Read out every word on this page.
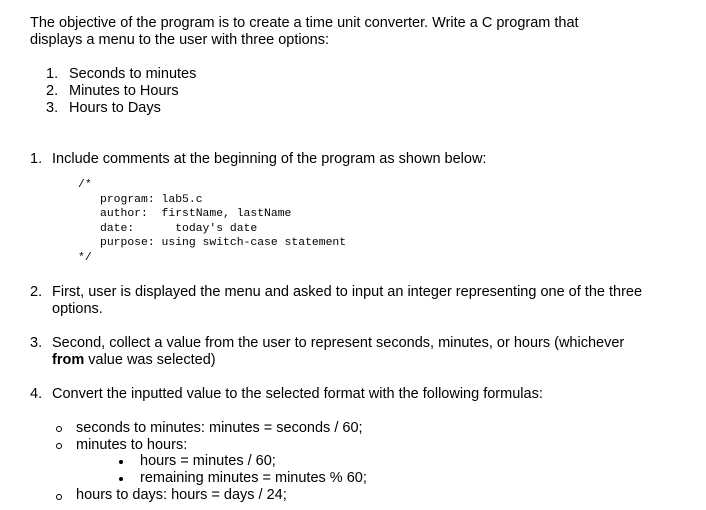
The objective of the program is to create a time unit converter. Write a C program that
displays a menu to the user with three options:
1. Seconds to minutes
2. Minutes to Hours
3. Hours to Days
1. Include comments at the beginning of the program as shown below:
/*
program: lab5.c
author:  firstName, lastName
date:      today's date
purpose: using switch-case statement
*/
2. First, user is displayed the menu and asked to input an integer representing one of the three
options.
3. Second, collect a value from the user to represent seconds, minutes, or hours (whichever
from value was selected)
4. Convert the inputted value to the selected format with the following formulas:
seconds to minutes: minutes = seconds / 60;
minutes to hours:
hours = minutes / 60;
remaining minutes = minutes % 60;
hours to days: hours = days / 24;
